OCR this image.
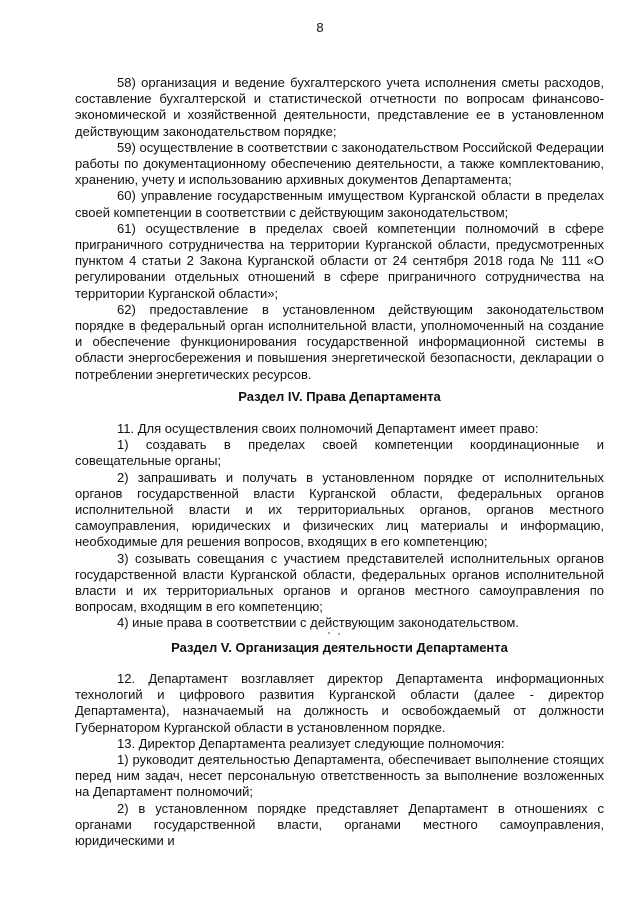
8

58) организация и ведение бухгалтерского учета исполнения сметы расходов, составление бухгалтерской и статистической отчетности по вопросам финансово-экономической и хозяйственной деятельности, представление ее в установленном действующим законодательством порядке;

59) осуществление в соответствии с законодательством Российской Федерации работы по документационному обеспечению деятельности, а также комплектованию, хранению, учету и использованию архивных документов Департамента;

60) управление государственным имуществом Курганской области в пределах своей компетенции в соответствии с действующим законодательством;

61) осуществление в пределах своей компетенции полномочий в сфере приграничного сотрудничества на территории Курганской области, предусмотренных пунктом 4 статьи 2 Закона Курганской области от 24 сентября 2018 года № 111 «О регулировании отдельных отношений в сфере приграничного сотрудничества на территории Курганской области»;

62) предоставление в установленном действующим законодательством порядке в федеральный орган исполнительной власти, уполномоченный на создание и обеспечение функционирования государственной информационной системы в области энергосбережения и повышения энергетической безопасности, декларации о потреблении энергетических ресурсов.

Раздел IV. Права Департамента

11. Для осуществления своих полномочий Департамент имеет право:

1) создавать в пределах своей компетенции координационные и совещательные органы;

2) запрашивать и получать в установленном порядке от исполнительных органов государственной власти Курганской области, федеральных органов исполнительной власти и их территориальных органов, органов местного самоуправления, юридических и физических лиц материалы и информацию, необходимые для решения вопросов, входящих в его компетенцию;

3) созывать совещания с участием представителей исполнительных органов государственной власти Курганской области, федеральных органов исполнительной власти и их территориальных органов и органов местного самоуправления по вопросам, входящим в его компетенцию;

4) иные права в соответствии с действующим законодательством.

Раздел V. Организация деятельности Департамента

12. Департамент возглавляет директор Департамента информационных технологий и цифрового развития Курганской области (далее - директор Департамента), назначаемый на должность и освобождаемый от должности Губернатором Курганской области в установленном порядке.

13. Директор Департамента реализует следующие полномочия:

1) руководит деятельностью Департамента, обеспечивает выполнение стоящих перед ним задач, несет персональную ответственность за выполнение возложенных на Департамент полномочий;

2) в установленном порядке представляет Департамент в отношениях с органами государственной власти, органами местного самоуправления, юридическими и
